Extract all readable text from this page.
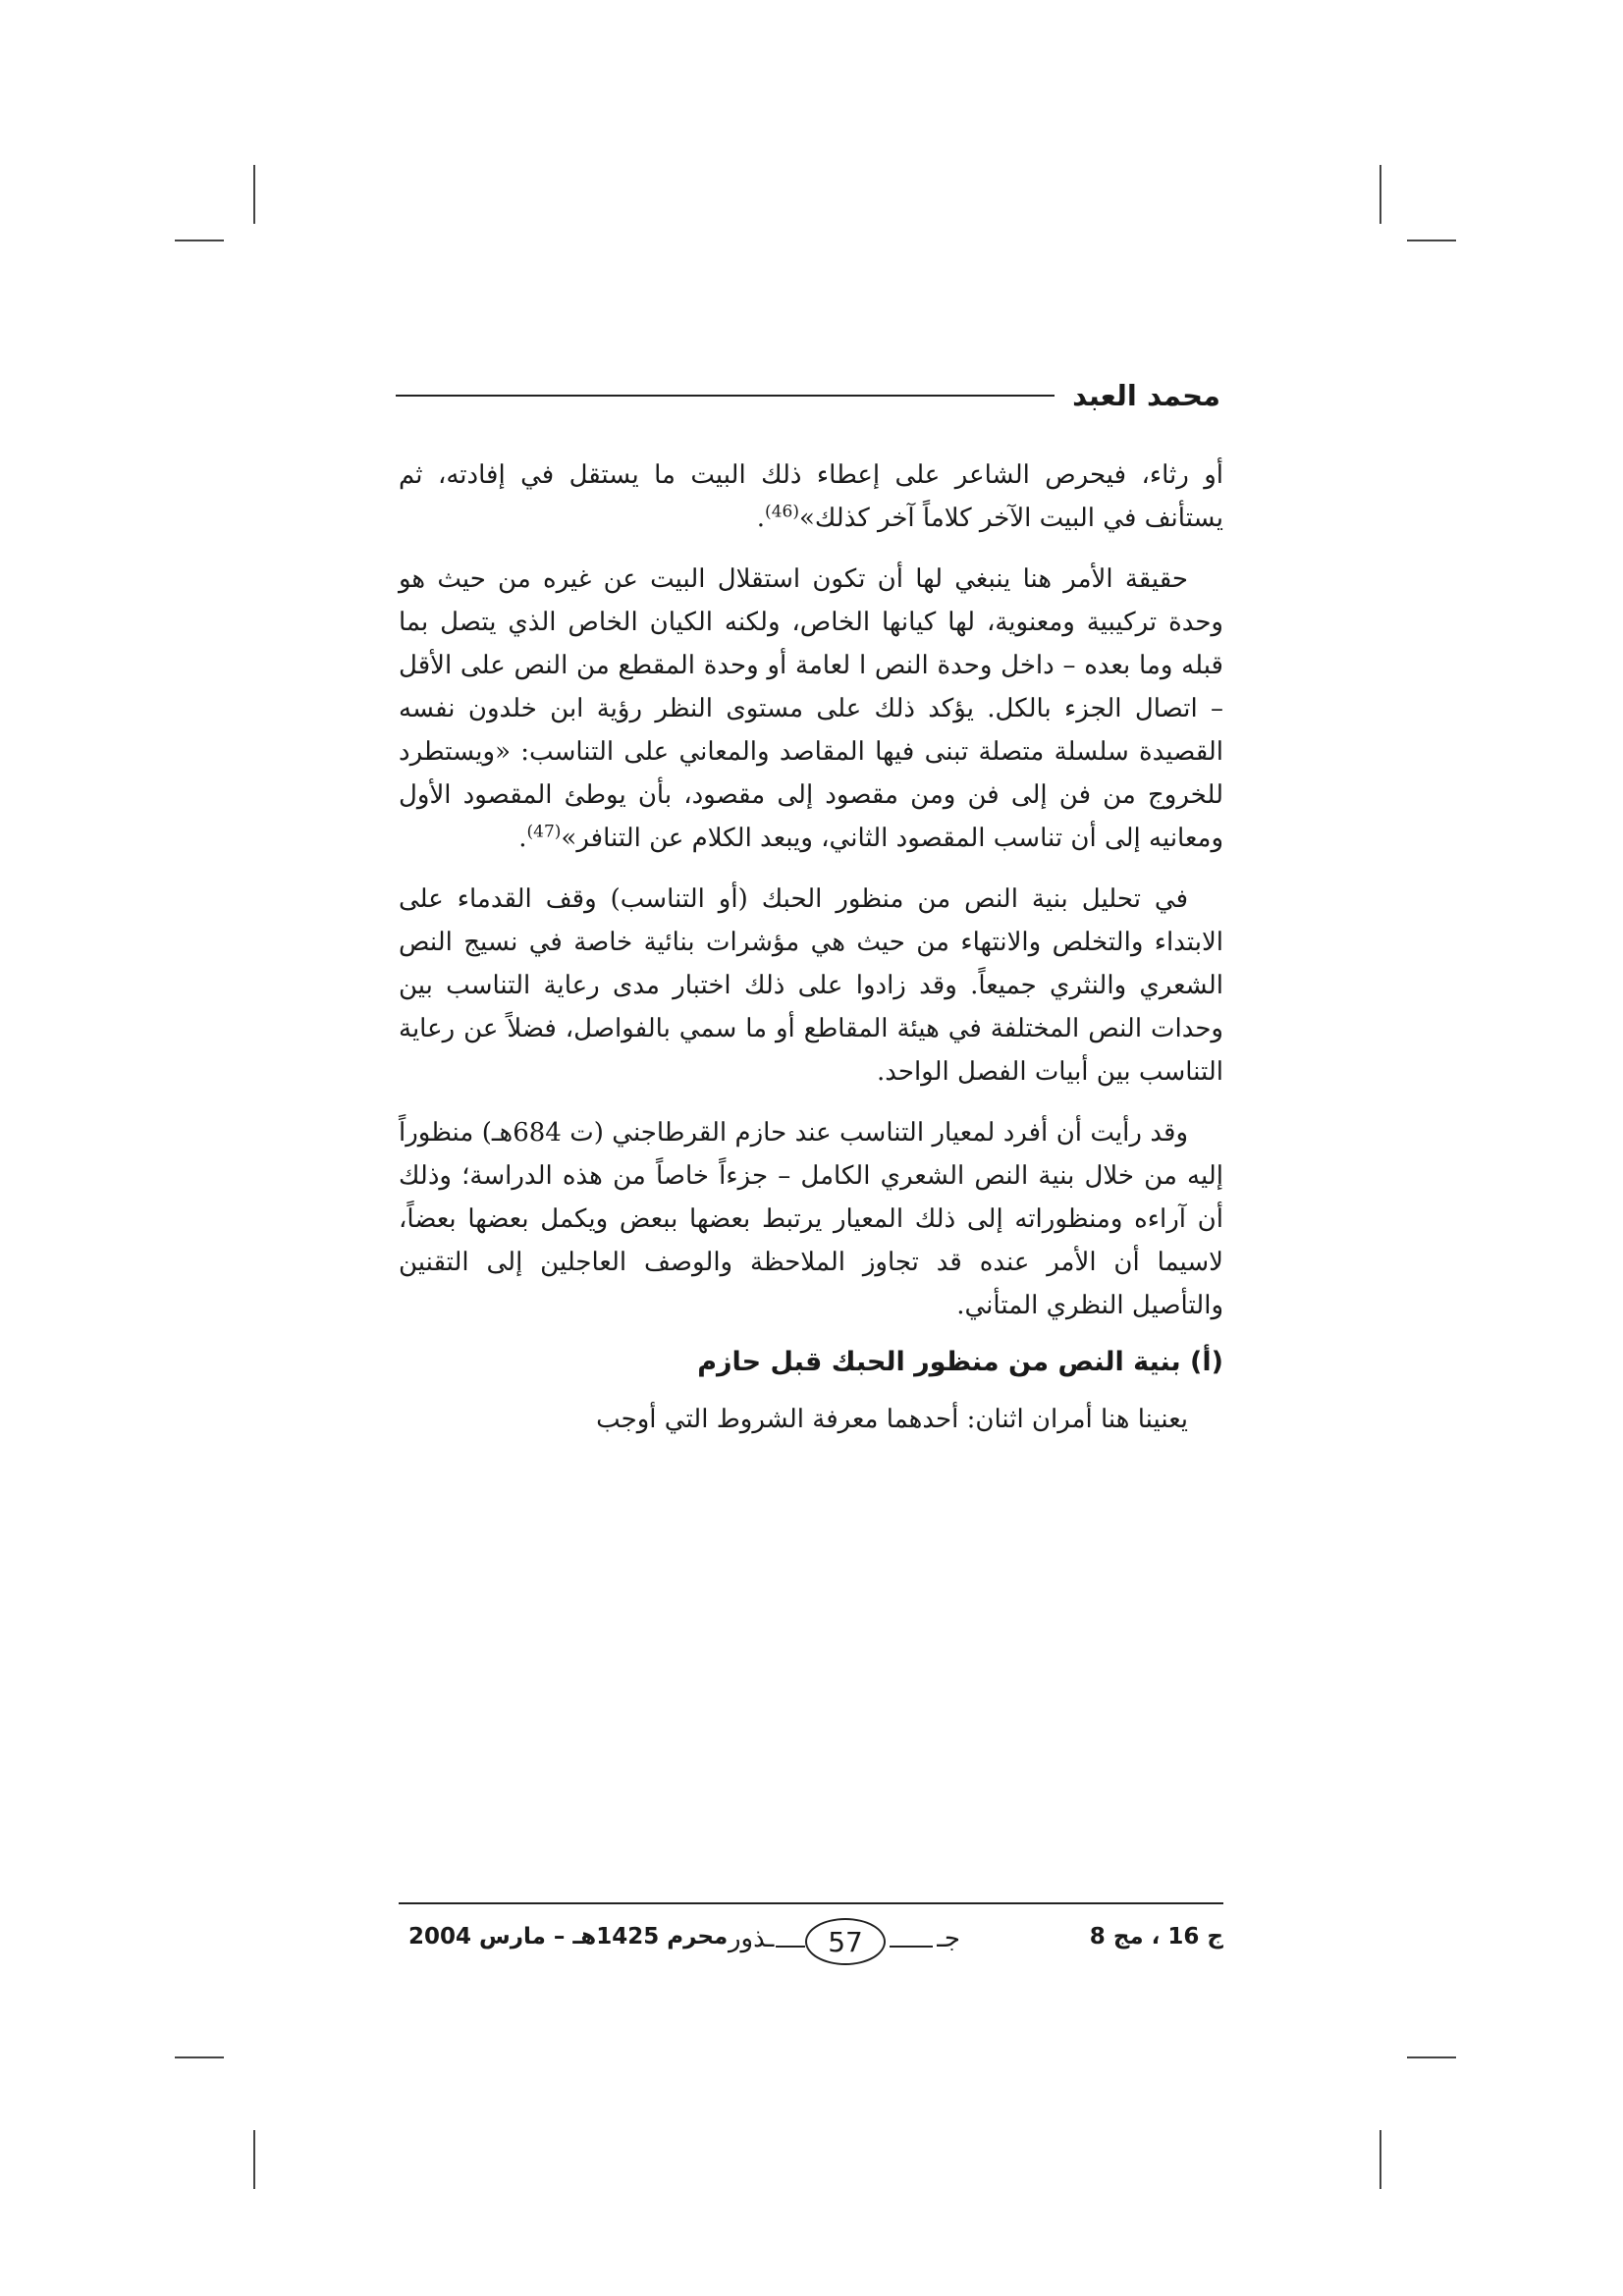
محمد العبد

أو رثاء، فيحرص الشاعر على إعطاء ذلك البيت ما يستقل في إفادته، ثم يستأنف في البيت الآخر كلاماً آخر كذلك»$^{(46)}$.

حقيقة الأمر هنا ينبغي لها أن تكون استقلال البيت عن غيره من حيث هو وحدة تركيبية ومعنوية، لها كيانها الخاص، ولكنه الكيان الخاص الذي يتصل بما قبله وما بعده – داخل وحدة النص ا لعامة أو وحدة المقطع من النص على الأقل – اتصال الجزء بالكل. يؤكد ذلك على مستوى النظر رؤية ابن خلدون نفسه القصيدة سلسلة متصلة تبنى فيها المقاصد والمعاني على التناسب: «ويستطرد للخروج من فن إلى فن ومن مقصود إلى مقصود، بأن يوطئ المقصود الأول ومعانيه إلى أن تناسب المقصود الثاني، ويبعد الكلام عن التنافر»$^{(47)}$.

في تحليل بنية النص من منظور الحبك (أو التناسب) وقف القدماء على الابتداء والتخلص والانتهاء من حيث هي مؤشرات بنائية خاصة في نسيج النص الشعري والنثري جميعاً. وقد زادوا على ذلك اختبار مدى رعاية التناسب بين وحدات النص المختلفة في هيئة المقاطع أو ما سمي بالفواصل، فضلاً عن رعاية التناسب بين أبيات الفصل الواحد.

وقد رأيت أن أفرد لمعيار التناسب عند حازم القرطاجني (ت 684هـ) منظوراً إليه من خلال بنية النص الشعري الكامل – جزءاً خاصاً من هذه الدراسة؛ وذلك أن آراءه ومنظوراته إلى ذلك المعيار يرتبط بعضها ببعض ويكمل بعضها بعضاً، لاسيما أن الأمر عنده قد تجاوز الملاحظة والوصف العاجلين إلى التقنين والتأصيل النظري المتأني.

(أ) بنية النص من منظور الحبك قبل حازم

يعنينا هنا أمران اثنان: أحدهما معرفة الشروط التي أوجب

ج 16 ، مج 8
جـ
57
ـذور
محرم 1425هـ – مارس 2004
